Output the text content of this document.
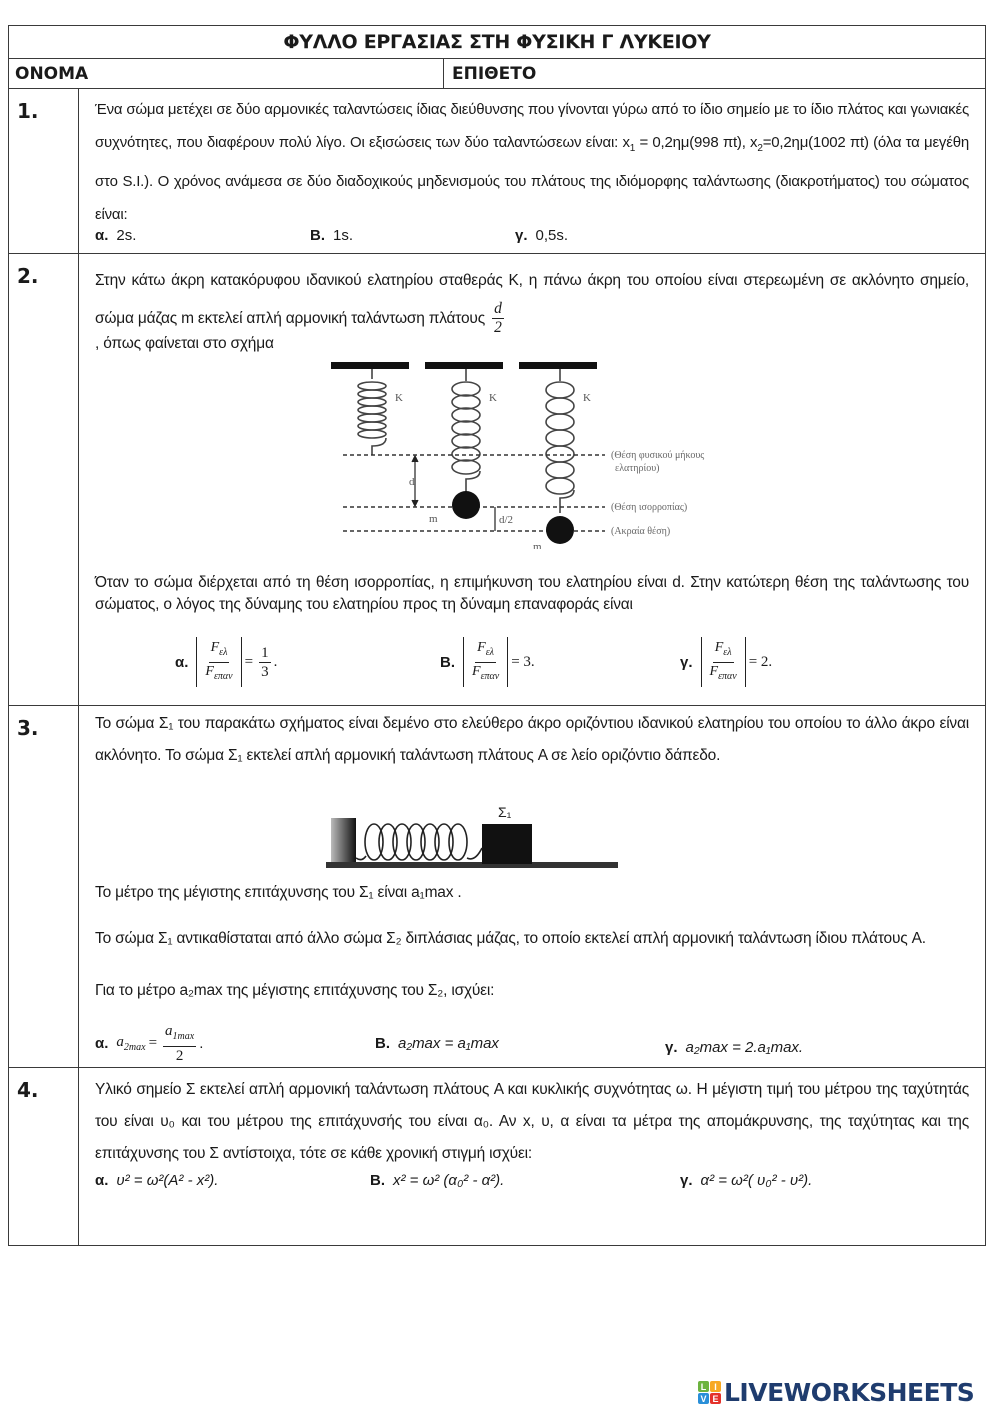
ΦΥΛΛΟ ΕΡΓΑΣΙΑΣ ΣΤΗ ΦΥΣΙΚΗ Γ ΛΥΚΕΙΟΥ
ΟΝΟΜΑ	ΕΠΙΘΕΤΟ
1.	Ένα σώμα μετέχει σε δύο αρμονικές ταλαντώσεις ίδιας διεύθυνσης που γίνονται γύρω από το ίδιο σημείο με το ίδιο πλάτος και γωνιακές συχνότητες, που διαφέρουν πολύ λίγο. Οι εξισώσεις των δύο ταλαντώσεων είναι: $x_1 = 0,2\eta\mu(998$ πt), $x_2=0,2\eta\mu(1002$ πt) (όλα τα μεγέθη στο S.I.). Ο χρόνος ανάμεσα σε δύο διαδοχικούς μηδενισμούς του πλάτους της ιδιόμορφης ταλάντωσης (διακροτήματος) του σώματος είναι:

α. 2s.	Β. 1s.	γ. 0,5s.
2.	Στην κάτω άκρη κατακόρυφου ιδανικού ελατηρίου σταθεράς Κ, η πάνω άκρη του οποίου είναι στερεωμένη σε ακλόνητο σημείο, σώμα μάζας m εκτελεί απλή αρμονική ταλάντωση πλάτους $\frac{d}{2}$

, όπως φαίνεται στο σχήμα

Κ	Κ	Κ
d
m	d/2
m
(Θέση φυσικού μήκους
ελατηρίου)
(Θέση ισορροπίας)
(Ακραία θέση)

Όταν το σώμα διέρχεται από τη θέση ισορροπίας, η επιμήκυνση του ελατηρίου είναι d. Στην κατώτερη θέση της ταλάντωσης του σώματος, ο λόγος της δύναμης του ελατηρίου προς τη δύναμη επαναφοράς είναι

α. $\frac{F_{\varepsilon\lambda}}{F_{\varepsilon\pi\alpha\nu}} = \frac{1}{3}$ .	Β. $\frac{F_{\varepsilon\lambda}}{F_{\varepsilon\pi\alpha\nu}} = 3$.	γ. $\frac{F_{\varepsilon\lambda}}{F_{\varepsilon\pi\alpha\nu}} = 2$.
3.	Το σώμα Σ₁ του παρακάτω σχήματος είναι δεμένο στο ελεύθερο άκρο οριζόντιου ιδανικού ελατηρίου του οποίου το άλλο άκρο είναι ακλόνητο. Το σώμα Σ₁ εκτελεί απλή αρμονική ταλάντωση πλάτους A σε λείο οριζόντιο δάπεδο.

Σ₁

Το μέτρο της μέγιστης επιτάχυνσης του Σ₁ είναι a₁max .

Το σώμα Σ₁ αντικαθίσταται από άλλο σώμα Σ₂ διπλάσιας μάζας, το οποίο εκτελεί απλή αρμονική ταλάντωση ίδιου πλάτους A.

Για το μέτρο a₂max της μέγιστης επιτάχυνσης του Σ₂, ισχύει:

α. $a_{2max} = \frac{a_{1max}}{2}$ .	Β. a₂max = a₁max	γ. a₂max = 2.a₁max.
4.	Υλικό σημείο Σ εκτελεί απλή αρμονική ταλάντωση πλάτους A και κυκλικής συχνότητας ω. Η μέγιστη τιμή του μέτρου της ταχύτητάς του είναι υ₀ και του μέτρου της επιτάχυνσής του είναι α₀. Αν x, υ, α είναι τα μέτρα της απομάκρυνσης, της ταχύτητας και της επιτάχυνσης του Σ αντίστοιχα, τότε σε κάθε χρονική στιγμή ισχύει:

α. υ² = ω²(A² - x²).	Β. x² = ω² (α₀² - α²).	γ. α² = ω²( υ₀² - υ²).
L I
V E LIVEWORKSHEETS
